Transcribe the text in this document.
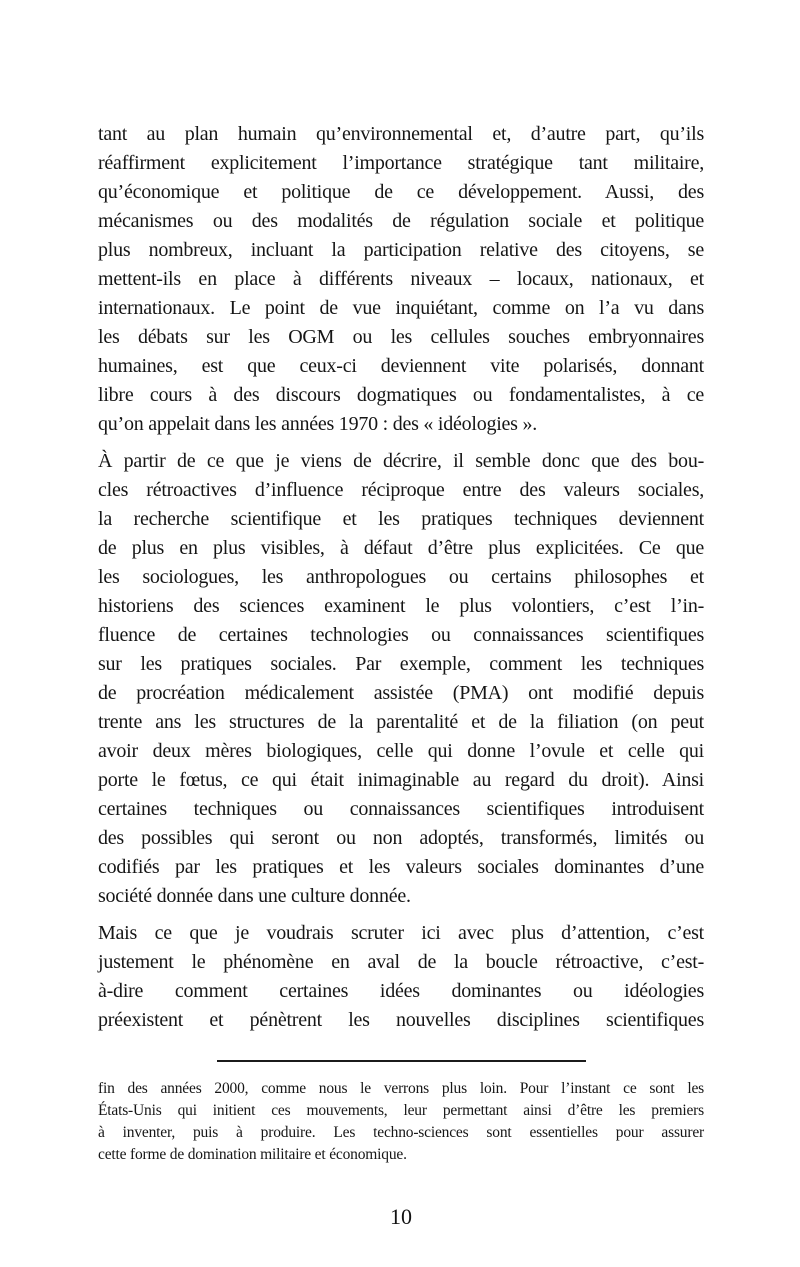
tant au plan humain qu’environnemental et, d’autre part, qu’ils
réaffirment explicitement l’importance stratégique tant militaire,
qu’économique et politique de ce développement. Aussi, des
mécanismes ou des modalités de régulation sociale et politique
plus nombreux, incluant la participation relative des citoyens, se
mettent-ils en place à différents niveaux – locaux, nationaux, et
internationaux. Le point de vue inquiétant, comme on l’a vu dans
les débats sur les OGM ou les cellules souches embryonnaires
humaines, est que ceux-ci deviennent vite polarisés, donnant
libre cours à des discours dogmatiques ou fondamentalistes, à ce
qu’on appelait dans les années 1970 : des « idéologies ».
À partir de ce que je viens de décrire, il semble donc que des bou-
cles rétroactives d’influence réciproque entre des valeurs sociales,
la recherche scientifique et les pratiques techniques deviennent
de plus en plus visibles, à défaut d’être plus explicitées. Ce que
les sociologues, les anthropologues ou certains philosophes et
historiens des sciences examinent le plus volontiers, c’est l’in-
fluence de certaines technologies ou connaissances scientifiques
sur les pratiques sociales. Par exemple, comment les techniques
de procréation médicalement assistée (PMA) ont modifié depuis
trente ans les structures de la parentalité et de la filiation (on peut
avoir deux mères biologiques, celle qui donne l’ovule et celle qui
porte le fœtus, ce qui était inimaginable au regard du droit). Ainsi
certaines techniques ou connaissances scientifiques introduisent
des possibles qui seront ou non adoptés, transformés, limités ou
codifiés par les pratiques et les valeurs sociales dominantes d’une
société donnée dans une culture donnée.
Mais ce que je voudrais scruter ici avec plus d’attention, c’est
justement le phénomène en aval de la boucle rétroactive, c’est-
à-dire comment certaines idées dominantes ou idéologies
préexistent et pénètrent les nouvelles disciplines scientifiques
fin des années 2000, comme nous le verrons plus loin. Pour l’instant ce sont les
États-Unis qui initient ces mouvements, leur permettant ainsi d’être les premiers
à inventer, puis à produire. Les techno-sciences sont essentielles pour assurer
cette forme de domination militaire et économique.
10
